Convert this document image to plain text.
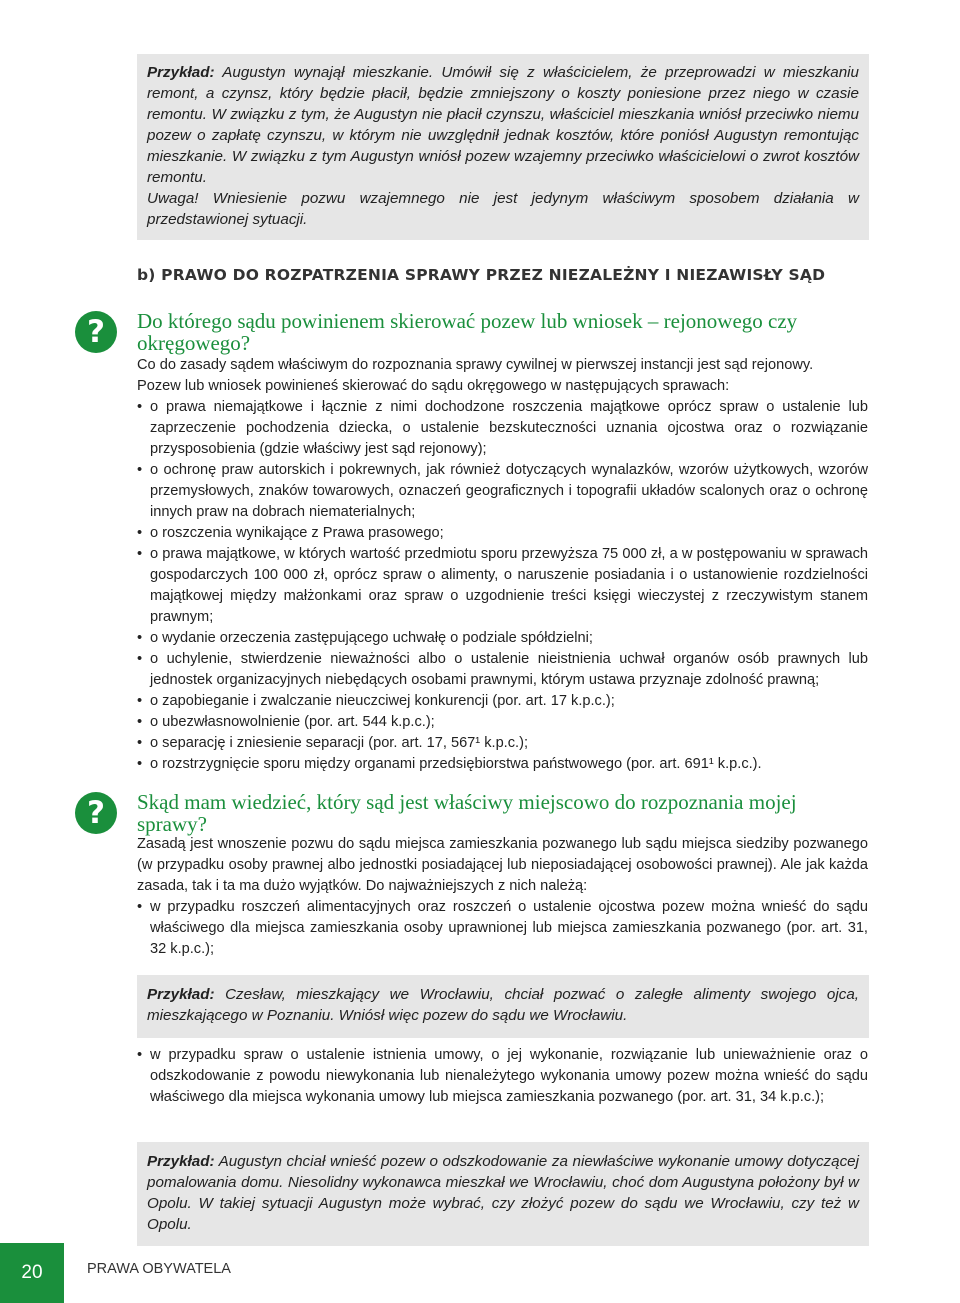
Przykład: Augustyn wynajął mieszkanie. Umówił się z właścicielem, że przeprowadzi w mieszkaniu remont, a czynsz, który będzie płacił, będzie zmniejszony o koszty poniesione przez niego w czasie remontu. W związku z tym, że Augustyn nie płacił czynszu, właściciel mieszkania wniósł przeciwko niemu pozew o zapłatę czynszu, w którym nie uwzględnił jednak kosztów, które poniósł Augustyn remontując mieszkanie. W związku z tym Augustyn wniósł pozew wzajemny przeciwko właścicielowi o zwrot kosztów remontu.

Uwaga! Wniesienie pozwu wzajemnego nie jest jedynym właściwym sposobem działania w przedstawionej sytuacji.

b) PRAWO DO ROZPATRZENIA SPRAWY PRZEZ NIEZALEŻNY I NIEZAWISŁY SĄD
?	Do którego sądu powinienem skierować pozew lub wniosek – rejonowego czy okręgowego?

Co do zasady sądem właściwym do rozpoznania sprawy cywilnej w pierwszej instancji jest sąd rejonowy.

Pozew lub wniosek powinieneś skierować do sądu okręgowego w następujących sprawach:

• o prawa niemajątkowe i łącznie z nimi dochodzone roszczenia majątkowe oprócz spraw o ustalenie lub zaprzeczenie pochodzenia dziecka, o ustalenie bezskuteczności uznania ojcostwa oraz o rozwiązanie przysposobienia (gdzie właściwy jest sąd rejonowy);
• o ochronę praw autorskich i pokrewnych, jak również dotyczących wynalazków, wzorów użytkowych, wzorów przemysłowych, znaków towarowych, oznaczeń geograficznych i topografii układów scalonych oraz o ochronę innych praw na dobrach niematerialnych;
• o roszczenia wynikające z Prawa prasowego;
• o prawa majątkowe, w których wartość przedmiotu sporu przewyższa 75 000 zł, a w postępowaniu w sprawach gospodarczych 100 000 zł, oprócz spraw o alimenty, o naruszenie posiadania i o ustanowienie rozdzielności majątkowej między małżonkami oraz spraw o uzgodnienie treści księgi wieczystej z rzeczywistym stanem prawnym;
• o wydanie orzeczenia zastępującego uchwałę o podziale spółdzielni;
• o uchylenie, stwierdzenie nieważności albo o ustalenie nieistnienia uchwał organów osób prawnych lub jednostek organizacyjnych niebędących osobami prawnymi, którym ustawa przyznaje zdolność prawną;
• o zapobieganie i zwalczanie nieuczciwej konkurencji (por. art. 17 k.p.c.);
• o ubezwłasnowolnienie (por. art. 544 k.p.c.);
• o separację i zniesienie separacji (por. art. 17, 567¹ k.p.c.);
• o rozstrzygnięcie sporu między organami przedsiębiorstwa państwowego (por. art. 691¹ k.p.c.).
?	Skąd mam wiedzieć, który sąd jest właściwy miejscowo do rozpoznania mojej sprawy?

Zasadą jest wnoszenie pozwu do sądu miejsca zamieszkania pozwanego lub sądu miejsca siedziby pozwanego (w przypadku osoby prawnej albo jednostki posiadającej lub nieposiadającej osobowości prawnej). Ale jak każda zasada, tak i ta ma dużo wyjątków. Do najważniejszych z nich należą:

• w przypadku roszczeń alimentacyjnych oraz roszczeń o ustalenie ojcostwa pozew można wnieść do sądu właściwego dla miejsca zamieszkania osoby uprawnionej lub miejsca zamieszkania pozwanego (por. art. 31, 32 k.p.c.);

Przykład: Czesław, mieszkający we Wrocławiu, chciał pozwać o zaległe alimenty swojego ojca, mieszkającego w Poznaniu. Wniósł więc pozew do sądu we Wrocławiu.

• w przypadku spraw o ustalenie istnienia umowy, o jej wykonanie, rozwiązanie lub unieważnienie oraz o odszkodowanie z powodu niewykonania lub nienależytego wykonania umowy pozew można wnieść do sądu właściwego dla miejsca wykonania umowy lub miejsca zamieszkania pozwanego (por. art. 31, 34 k.p.c.);

Przykład: Augustyn chciał wnieść pozew o odszkodowanie za niewłaściwe wykonanie umowy dotyczącej pomalowania domu. Niesolidny wykonawca mieszkał we Wrocławiu, choć dom Augustyna położony był w Opolu. W takiej sytuacji Augustyn może wybrać, czy złożyć pozew do sądu we Wrocławiu, czy też w Opolu.

20	PRAWA OBYWATELA
